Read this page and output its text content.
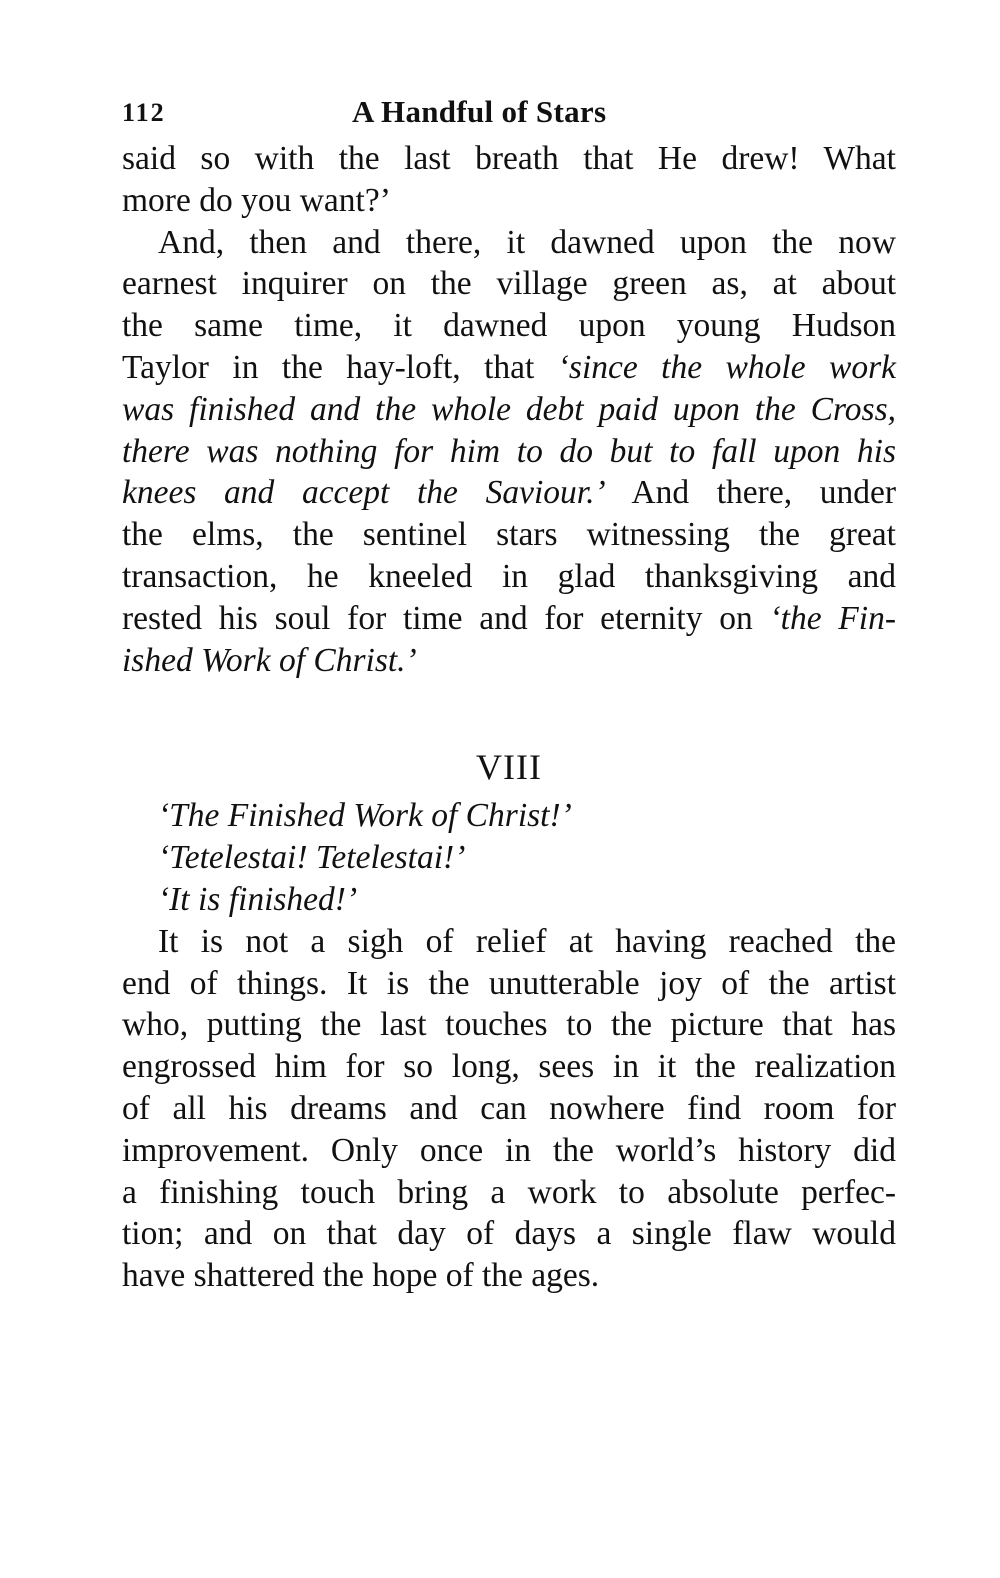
112	A Handful of Stars
said so with the last breath that He drew! What
more do you want?’
And, then and there, it dawned upon the now
earnest inquirer on the village green as, at about
the same time, it dawned upon young Hudson
Taylor in the hay-loft, that ‘since the whole work
was finished and the whole debt paid upon the Cross,
there was nothing for him to do but to fall upon his
knees and accept the Saviour.’ And there, under
the elms, the sentinel stars witnessing the great
transaction, he kneeled in glad thanksgiving and
rested his soul for time and for eternity on ‘the Fin-
ished Work of Christ.’
VIII
‘The Finished Work of Christ!’
‘Tetelestai! Tetelestai!’
‘It is finished!’
It is not a sigh of relief at having reached the
end of things. It is the unutterable joy of the artist
who, putting the last touches to the picture that has
engrossed him for so long, sees in it the realization
of all his dreams and can nowhere find room for
improvement. Only once in the world’s history did
a finishing touch bring a work to absolute perfec-
tion; and on that day of days a single flaw would
have shattered the hope of the ages.
